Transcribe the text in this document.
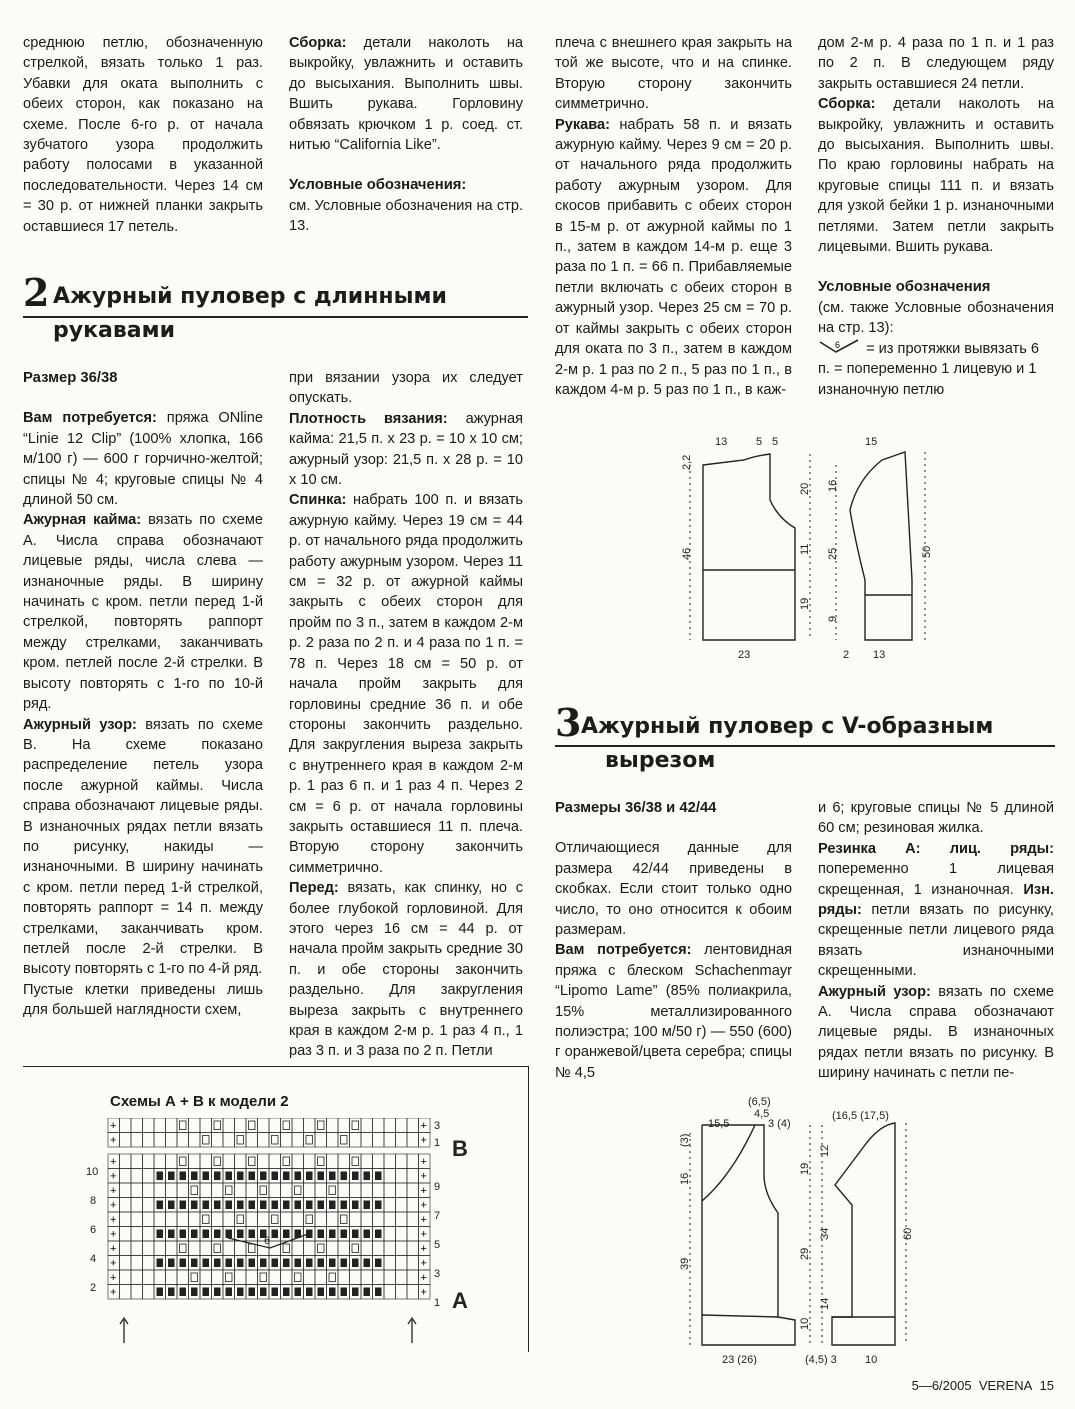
среднюю петлю, обозначенную стрелкой, вязать только 1 раз. Убавки для оката выполнить с обеих сторон, как показано на схеме. После 6-го р. от начала зубчатого узора продолжить работу полосами в указанной последовательности. Через 14 см = 30 р. от нижней планки закрыть оставшиеся 17 петель.

Сборка: детали наколоть на выкройку, увлажнить и оставить до высыхания. Выполнить швы. Вшить рукава. Горловину обвязать крючком 1 р. соед. ст. нитью “California Like”.

Условные обозначения:

см. Условные обозначения на стр. 13.

2 Ажурный пуловер с длинными
рукавами

Размер 36/38

Вам потребуется: пряжа ONline “Linie 12 Clip” (100% хлопка, 166 м/100 г) — 600 г горчично-желтой; спицы № 4; круговые спицы № 4 длиной 50 см.

Ажурная кайма: вязать по схеме А. Числа справа обозначают лицевые ряды, числа слева — изнаночные ряды. В ширину начинать с кром. петли перед 1-й стрелкой, повторять раппорт между стрелками, заканчивать кром. петлей после 2-й стрелки. В высоту повторять с 1-го по 10-й ряд.

Ажурный узор: вязать по схеме В. На схеме показано распределение петель узора после ажурной каймы. Числа справа обозначают лицевые ряды. В изнаночных рядах петли вязать по рисунку, накиды — изнаночными. В ширину начинать с кром. петли перед 1-й стрелкой, повторять раппорт = 14 п. между стрелками, заканчивать кром. петлей после 2-й стрелки. В высоту повторять с 1-го по 4-й ряд.

Пустые клетки приведены лишь для большей наглядности схем,

при вязании узора их следует опускать.

Плотность вязания: ажурная кайма: 21,5 п. х 23 р. = 10 х 10 см; ажурный узор: 21,5 п. х 28 р. = 10 х 10 см.

Спинка: набрать 100 п. и вязать ажурную кайму. Через 19 см = 44 р. от начального ряда продолжить работу ажурным узором. Через 11 см = 32 р. от ажурной каймы закрыть с обеих сторон для пройм по 3 п., затем в каждом 2-м р. 2 раза по 2 п. и 4 раза по 1 п. = 78 п. Через 18 см = 50 р. от начала пройм закрыть для горловины средние 36 п. и обе стороны закончить раздельно. Для закругления выреза закрыть с внутреннего края в каждом 2-м р. 1 раз 6 п. и 1 раз 4 п. Через 2 см = 6 р. от начала горловины закрыть оставшиеся 11 п. плеча. Вторую сторону закончить симметрично.

Перед: вязать, как спинку, но с более глубокой горловиной. Для этого через 16 см = 44 р. от начала пройм закрыть средние 30 п. и обе стороны закончить раздельно. Для закругления выреза закрыть с внутреннего края в каждом 2-м р. 1 раз 4 п., 1 раз 3 п. и 3 раза по 2 п. Петли

плеча с внешнего края закрыть на той же высоте, что и на спинке. Вторую сторону закончить симметрично.

Рукава: набрать 58 п. и вязать ажурную кайму. Через 9 см = 20 р. от начального ряда продолжить работу ажурным узором. Для скосов прибавить с обеих сторон в 15-м р. от ажурной каймы по 1 п., затем в каждом 14-м р. еще 3 раза по 1 п. = 66 п. Прибавляемые петли включать с обеих сторон в ажурный узор. Через 25 см = 70 р. от каймы закрыть с обеих сторон для оката по 3 п., затем в каждом 2-м р. 1 раз по 2 п., 5 раз по 1 п., в каждом 4-м р. 5 раз по 1 п., в каж-

дом 2-м р. 4 раза по 1 п. и 1 раз по 2 п. В следующем ряду закрыть оставшиеся 24 петли.

Сборка: детали наколоть на выкройку, увлажнить и оставить до высыхания. Выполнить швы. По краю горловины набрать на круговые спицы 111 п. и вязать для узкой бейки 1 р. изнаночными петлями. Затем петли закрыть лицевыми. Вшить рукава.

Условные обозначения

(см. также Условные обозначения на стр. 13):

6 = из протяжки вывязать 6 п. = попеременно 1 лицевую и 1 изнаночную петлю

13	5 5
23
46
2,2
20
11
19
15
13
2
16
25
9
50
3 Ажурный пуловер с V-образным
вырезом

Размеры 36/38 и 42/44

Отличающиеся данные для размера 42/44 приведены в скобках. Если стоит только одно число, то оно относится к обоим размерам.

Вам потребуется: лентовидная пряжа с блеском Schachenmayr “Lipomo Lame” (85% полиакрила, 15% металлизированного полиэстра; 100 м/50 г) — 550 (600) г оранжевой/цвета серебра; спицы № 4,5

и 6; круговые спицы № 5 длиной 60 см; резиновая жилка.

Резинка А: лиц. ряды: попеременно 1 лицевая скрещенная, 1 изнаночная. Изн. ряды: петли вязать по рисунку, скрещенные петли лицевого ряда вязать изнаночными скрещенными.

Ажурный узор: вязать по схеме А. Числа справа обозначают лицевые ряды. В изнаночных рядах петли вязать по рисунку. В ширину начинать с петли пе-

Схемы А + В к модели 2
+	+
+	+
+	+
+	+
+	+
+	+
+	+
+	+
+	+
+	+
+	+
+	+
3
1
9
7
5
3
1
10
8
6
4
2
6
B
A
(6,5)
4,5
15,5	3 (4)
23 (26)
(3)
16
39
19
29
10
(16,5 (17,5)
12
34
14
60
(4,5) 3	10
5—6/2005 VERENA 15
